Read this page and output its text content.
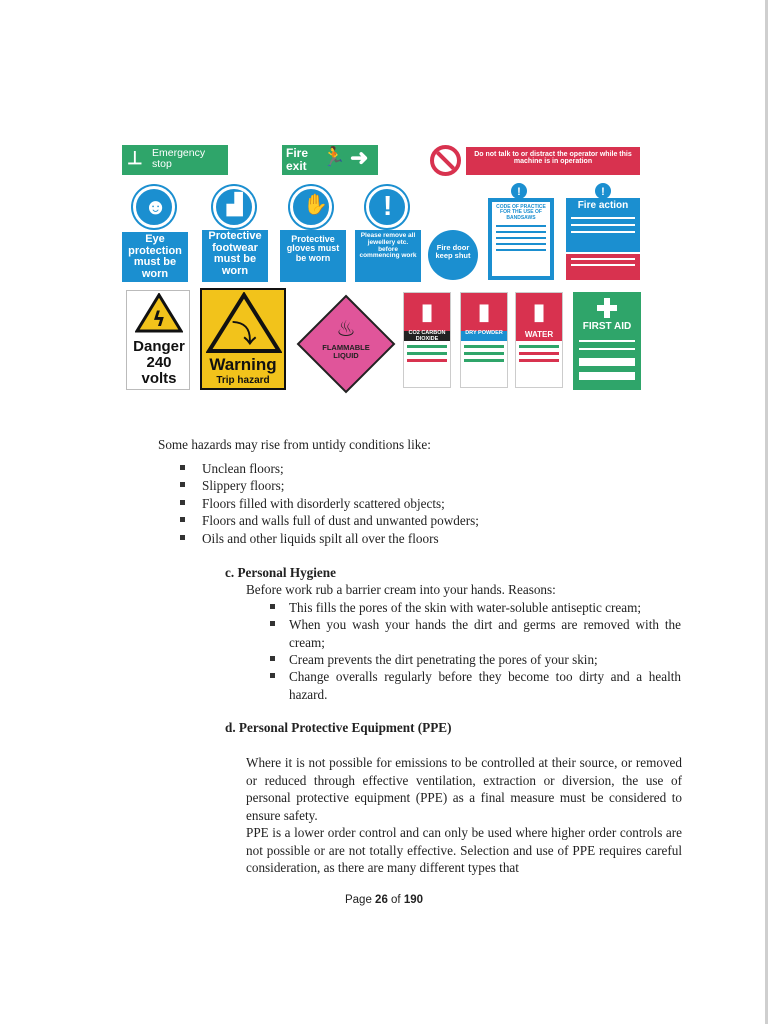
⊥ Emergency stop
Fire exit 🏃 ➜	Do not talk to or distract the operator while this machine is in operation
☻
Eye protection must be worn
▟
Protective footwear must be worn
✋
Protective gloves must be worn
!
Please remove all jewellery etc. before commencing work
Fire door keep shut
!
CODE OF PRACTICE FOR THE USE OF BANDSAWS
!
Fire action
ϟ
Danger
240
volts
⤵
Warning
Trip hazard
♨
FLAMMABLE LIQUID
▮
CO2 CARBON DIOXIDE
▮
DRY POWDER
▮
WATER
FIRST AID
Some hazards may rise from untidy conditions like:
Unclean floors;
Slippery floors;
Floors filled with disorderly scattered objects;
Floors and walls full of dust and unwanted powders;
Oils and other liquids spilt all over the floors
c. Personal Hygiene
Before work rub a barrier cream into your hands. Reasons:
This fills the pores of the skin with water-soluble antiseptic cream;
When you wash your hands the dirt and germs are removed with the cream;
Cream prevents the dirt penetrating the pores of your skin;
Change overalls regularly before they become too dirty and a health hazard.
d. Personal Protective Equipment (PPE)
Where it is not possible for emissions to be controlled at their source, or removed or reduced through effective ventilation, extraction or diversion, the use of personal protective equipment (PPE) as a final measure must be considered to ensure safety.
PPE is a lower order control and can only be used where higher order controls are not possible or are not totally effective. Selection and use of PPE requires careful consideration, as there are many different types that
Page 26 of 190
